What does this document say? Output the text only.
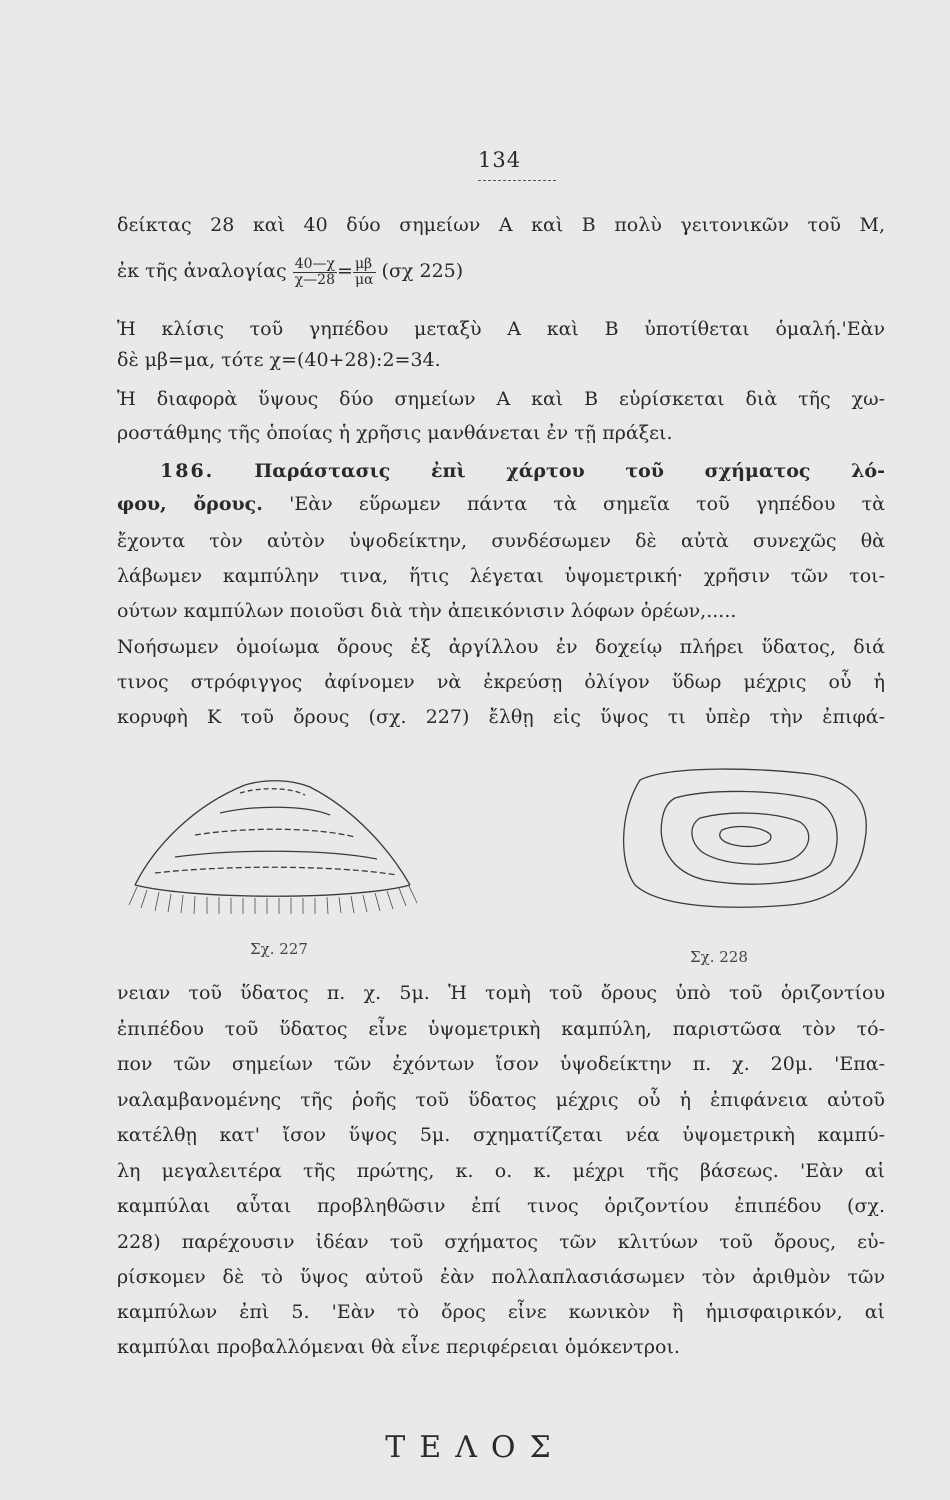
134
δείκτας 28 καὶ 40 δύο σημείων Α καὶ Β πολὺ γειτονικῶν τοῦ Μ,
ἐκ τῆς ἀναλογίας $\frac{40—\chi}{\chi—28} = \frac{\mu\beta}{\mu\alpha} (\sigma\chi$ 225)
Ἡ κλίσις τοῦ γηπέδου μεταξὺ Α καὶ Β ὑποτίθεται ὁμαλή.'Εὰν
δὲ μβ=μα, τότε χ=(40+28):2=34.
Ἡ διαφορὰ ὕψους δύο σημείων Α καὶ Β εὑρίσκεται διὰ τῆς χω-
ροστάθμης τῆς ὁποίας ἡ χρῆσις μανθάνεται ἐν τῇ πράξει.
186. Παράστασις ἐπὶ χάρτου τοῦ σχήματος λό-
φου, ὄρους. 'Εὰν εὕρωμεν πάντα τὰ σημεῖα τοῦ γηπέδου τὰ
ἔχοντα τὸν αὐτὸν ὑψοδείκτην, συνδέσωμεν δὲ αὐτὰ συνεχῶς θὰ
λάβωμεν καμπύλην τινα, ἥτις λέγεται ὑψομετρική· χρῆσιν τῶν τοι-
ούτων καμπύλων ποιοῦσι διὰ τὴν ἀπεικόνισιν λόφων ὀρέων,.....
Νοήσωμεν ὁμοίωμα ὄρους ἐξ ἀργίλλου ἐν δοχείῳ πλήρει ὕδατος, διά
τινος στρόφιγγος ἀφίνομεν νὰ ἐκρεύσῃ ὀλίγον ὕδωρ μέχρις οὗ ἡ
κορυφὴ Κ τοῦ ὄρους (σχ. 227) ἔλθῃ εἰς ὕψος τι ὑπὲρ τὴν ἐπιφά-
Σχ. 227	Σχ. 228
νειαν τοῦ ὕδατος π. χ. 5μ. Ἡ τομὴ τοῦ ὄρους ὑπὸ τοῦ ὁριζοντίου
ἐπιπέδου τοῦ ὕδατος εἶνε ὑψομετρικὴ καμπύλη, παριστῶσα τὸν τό-
πον τῶν σημείων τῶν ἐχόντων ἴσον ὑψοδείκτην π. χ. 20μ. 'Επα-
ναλαμβανομένης τῆς ῥοῆς τοῦ ὕδατος μέχρις οὗ ἡ ἐπιφάνεια αὐτοῦ
κατέλθῃ κατ' ἴσον ὕψος 5μ. σχηματίζεται νέα ὑψομετρικὴ καμπύ-
λη μεγαλειτέρα τῆς πρώτης, κ. ο. κ. μέχρι τῆς βάσεως. 'Εὰν αἱ
καμπύλαι αὗται προβληθῶσιν ἐπί τινος ὁριζοντίου ἐπιπέδου (σχ.
228) παρέχουσιν ἰδέαν τοῦ σχήματος τῶν κλιτύων τοῦ ὄρους, εὑ-
ρίσκομεν δὲ τὸ ὕψος αὐτοῦ ἐὰν πολλαπλασιάσωμεν τὸν ἀριθμὸν τῶν
καμπύλων ἐπὶ 5. 'Εὰν τὸ ὄρος εἶνε κωνικὸν ἢ ἡμισφαιρικόν, αἱ
καμπύλαι προβαλλόμεναι θὰ εἶνε περιφέρειαι ὁμόκεντροι.
ΤΕΛΟΣ
